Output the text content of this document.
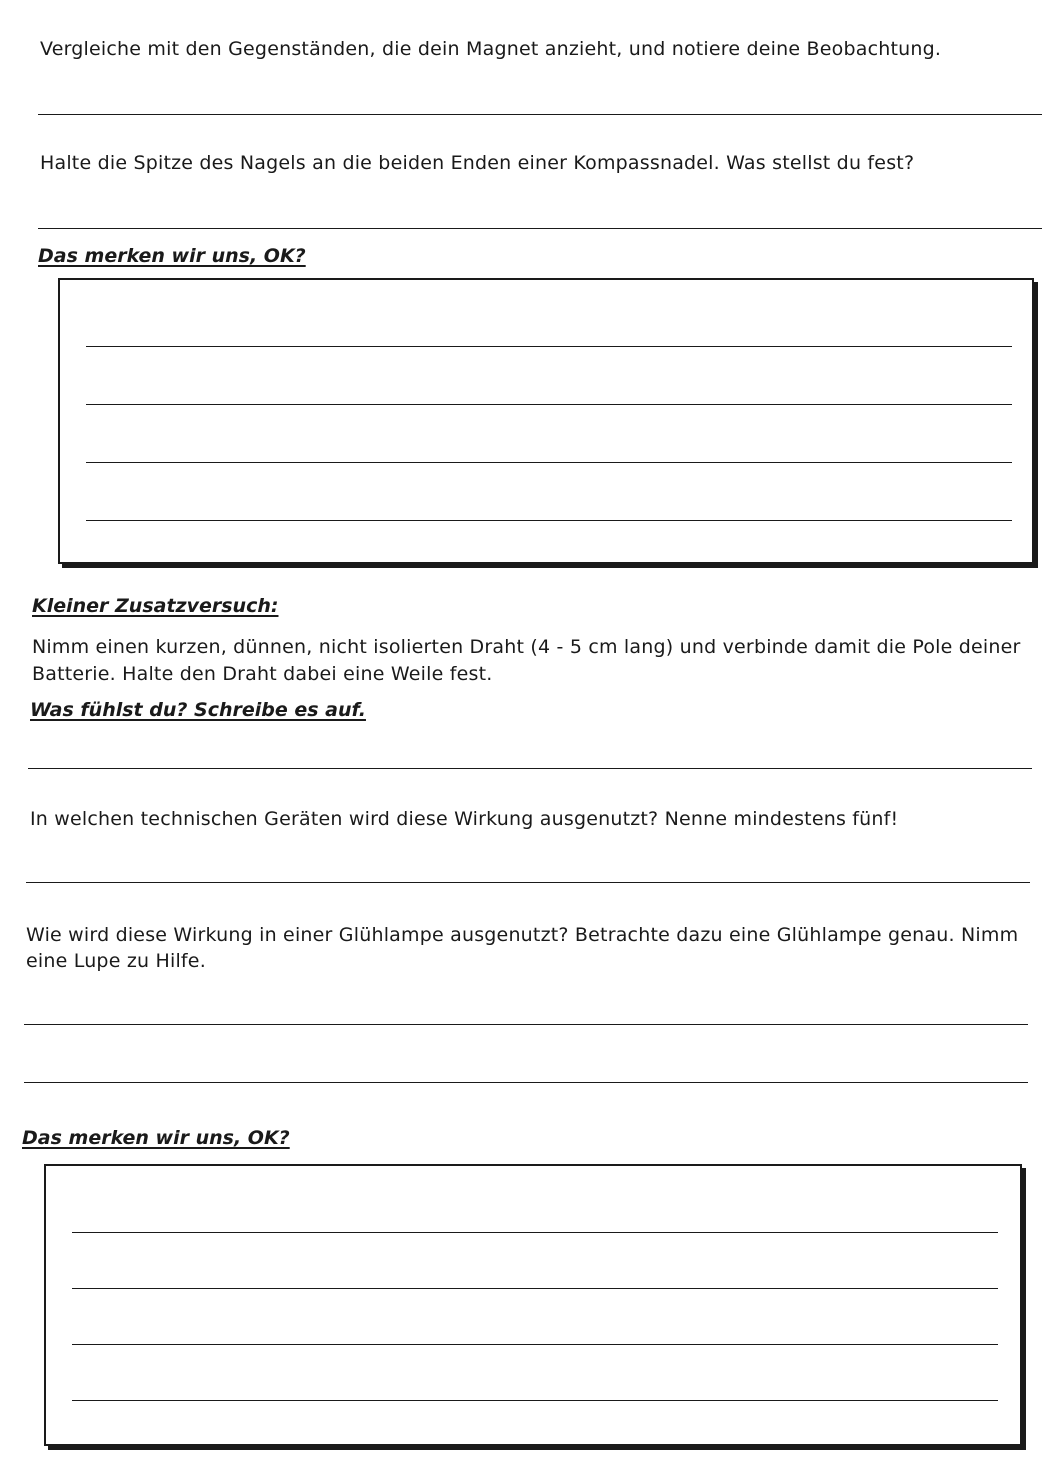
Vergleiche mit den Gegenständen, die dein Magnet anzieht, und notiere deine Beobachtung.
Halte die Spitze des Nagels an die beiden Enden einer Kompassnadel. Was stellst du fest?
Das merken wir uns, OK?
Kleiner Zusatzversuch:
Nimm einen kurzen, dünnen, nicht isolierten Draht (4 - 5 cm lang) und verbinde damit die Pole deiner
Batterie. Halte den Draht dabei eine Weile fest.
Was fühlst du? Schreibe es auf.
In welchen technischen Geräten wird diese Wirkung ausgenutzt? Nenne mindestens fünf!
Wie wird diese Wirkung in einer Glühlampe ausgenutzt? Betrachte dazu eine Glühlampe genau. Nimm
eine Lupe zu Hilfe.
Das merken wir uns, OK?
